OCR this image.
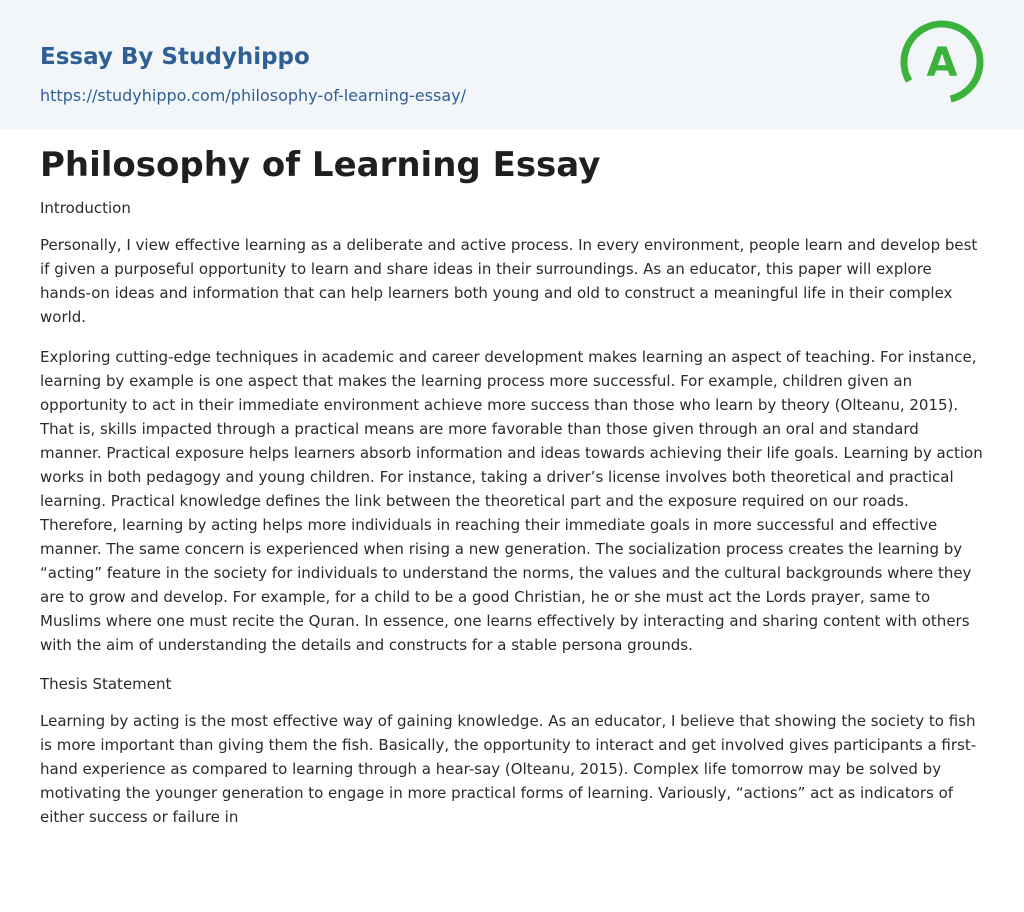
Essay By Studyhippo
https://studyhippo.com/philosophy-of-learning-essay/
A
Philosophy of Learning Essay
Introduction

Personally, I view effective learning as a deliberate and active process. In every environment, people learn and develop best if given a purposeful opportunity to learn and share ideas in their surroundings. As an educator, this paper will explore hands-on ideas and information that can help learners both young and old to construct a meaningful life in their complex world.

Exploring cutting-edge techniques in academic and career development makes learning an aspect of teaching. For instance, learning by example is one aspect that makes the learning process more successful. For example, children given an opportunity to act in their immediate environment achieve more success than those who learn by theory (Olteanu, 2015). That is, skills impacted through a practical means are more favorable than those given through an oral and standard manner. Practical exposure helps learners absorb information and ideas towards achieving their life goals. Learning by action works in both pedagogy and young children. For instance, taking a driver’s license involves both theoretical and practical learning. Practical knowledge defines the link between the theoretical part and the exposure required on our roads. Therefore, learning by acting helps more individuals in reaching their immediate goals in more successful and effective manner. The same concern is experienced when rising a new generation. The socialization process creates the learning by “acting” feature in the society for individuals to understand the norms, the values and the cultural backgrounds where they are to grow and develop. For example, for a child to be a good Christian, he or she must act the Lords prayer, same to Muslims where one must recite the Quran. In essence, one learns effectively by interacting and sharing content with others with the aim of understanding the details and constructs for a stable persona grounds.

Thesis Statement

Learning by acting is the most effective way of gaining knowledge. As an educator, I believe that showing the society to fish is more important than giving them the fish. Basically, the opportunity to interact and get involved gives participants a first-hand experience as compared to learning through a hear-say (Olteanu, 2015). Complex life tomorrow may be solved by motivating the younger generation to engage in more practical forms of learning. Variously, “actions” act as indicators of either success or failure in
